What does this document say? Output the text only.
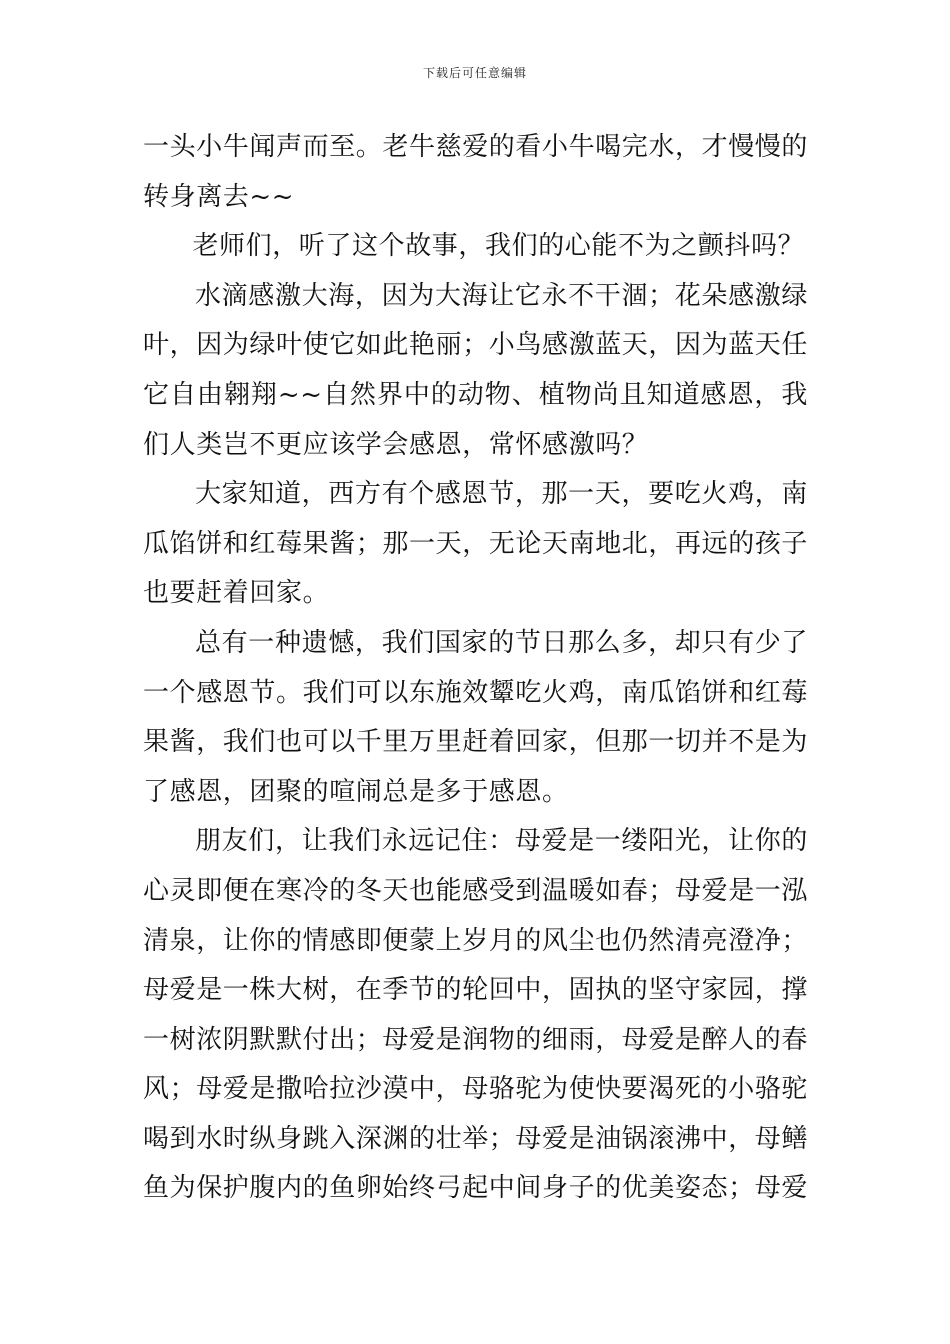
下载后可任意编辑

一头小牛闻声而至。老牛慈爱的看小牛喝完水，才慢慢的转身离去~~

老师们，听了这个故事，我们的心能不为之颤抖吗？

水滴感激大海，因为大海让它永不干涸；花朵感激绿叶，因为绿叶使它如此艳丽；小鸟感激蓝天，因为蓝天任它自由翱翔~~自然界中的动物、植物尚且知道感恩，我们人类岂不更应该学会感恩，常怀感激吗？

大家知道，西方有个感恩节，那一天，要吃火鸡，南瓜馅饼和红莓果酱；那一天，无论天南地北，再远的孩子也要赶着回家。

总有一种遗憾，我们国家的节日那么多，却只有少了一个感恩节。我们可以东施效颦吃火鸡，南瓜馅饼和红莓果酱，我们也可以千里万里赶着回家，但那一切并不是为了感恩，团聚的喧闹总是多于感恩。

朋友们，让我们永远记住：母爱是一缕阳光，让你的心灵即便在寒冷的冬天也能感受到温暖如春；母爱是一泓清泉，让你的情感即便蒙上岁月的风尘也仍然清亮澄净；母爱是一株大树，在季节的轮回中，固执的坚守家园，撑一树浓阴默默付出；母爱是润物的细雨，母爱是醉人的春风；母爱是撒哈拉沙漠中，母骆驼为使快要渴死的小骆驼喝到水时纵身跳入深渊的壮举；母爱是油锅滚沸中，母鳝鱼为保护腹内的鱼卵始终弓起中间身子的优美姿态；母爱
